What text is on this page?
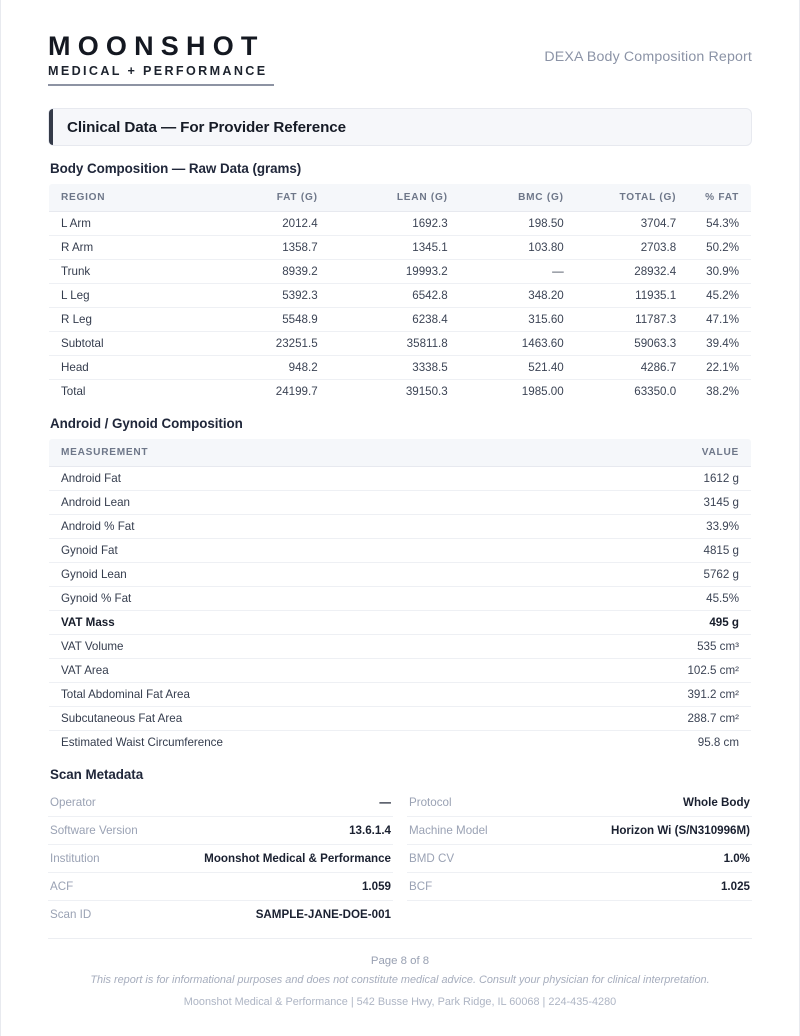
MOONSHOT
MEDICAL + PERFORMANCE
DEXA Body Composition Report
Clinical Data — For Provider Reference
Body Composition — Raw Data (grams)
REGION	FAT (G)	LEAN (G)	BMC (G)	TOTAL (G)	% FAT
L Arm	2012.4	1692.3	198.50	3704.7	54.3%
R Arm	1358.7	1345.1	103.80	2703.8	50.2%
Trunk	8939.2	19993.2	—	28932.4	30.9%
L Leg	5392.3	6542.8	348.20	11935.1	45.2%
R Leg	5548.9	6238.4	315.60	11787.3	47.1%
Subtotal	23251.5	35811.8	1463.60	59063.3	39.4%
Head	948.2	3338.5	521.40	4286.7	22.1%
Total	24199.7	39150.3	1985.00	63350.0	38.2%
Android / Gynoid Composition
MEASUREMENT	VALUE
Android Fat	1612 g
Android Lean	3145 g
Android % Fat	33.9%
Gynoid Fat	4815 g
Gynoid Lean	5762 g
Gynoid % Fat	45.5%
VAT Mass	495 g
VAT Volume	535 cm³
VAT Area	102.5 cm²
Total Abdominal Fat Area	391.2 cm²
Subcutaneous Fat Area	288.7 cm²
Estimated Waist Circumference	95.8 cm
Scan Metadata
Operator	—
Software Version	13.6.1.4
Institution	Moonshot Medical & Performance
ACF	1.059
Scan ID	SAMPLE-JANE-DOE-001
Protocol	Whole Body
Machine Model	Horizon Wi (S/N310996M)
BMD CV	1.0%
BCF	1.025
Page 8 of 8
This report is for informational purposes and does not constitute medical advice. Consult your physician for clinical interpretation.
Moonshot Medical & Performance | 542 Busse Hwy, Park Ridge, IL 60068 | 224-435-4280
